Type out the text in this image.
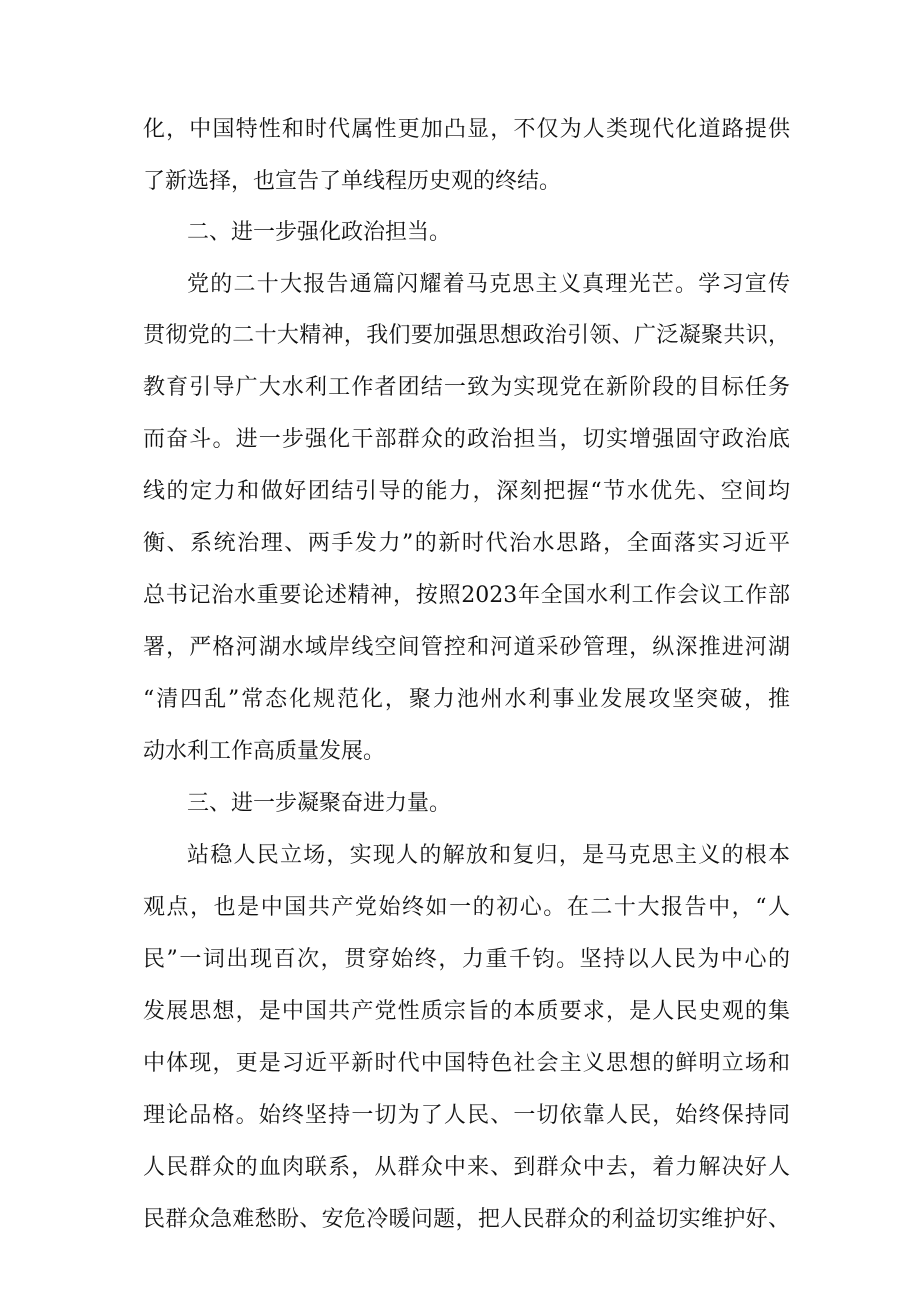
化，中国特性和时代属性更加凸显，不仅为人类现代化道路提供
了新选择，也宣告了单线程历史观的终结。
二、进一步强化政治担当。
党的二十大报告通篇闪耀着马克思主义真理光芒。学习宣传
贯彻党的二十大精神，我们要加强思想政治引领、广泛凝聚共识，
教育引导广大水利工作者团结一致为实现党在新阶段的目标任务
而奋斗。进一步强化干部群众的政治担当，切实增强固守政治底
线的定力和做好团结引导的能力，深刻把握“节水优先、空间均
衡、系统治理、两手发力”的新时代治水思路，全面落实习近平
总书记治水重要论述精神，按照2023年全国水利工作会议工作部
署，严格河湖水域岸线空间管控和河道采砂管理，纵深推进河湖
“清四乱”常态化规范化，聚力池州水利事业发展攻坚突破，推
动水利工作高质量发展。
三、进一步凝聚奋进力量。
站稳人民立场，实现人的解放和复归，是马克思主义的根本
观点，也是中国共产党始终如一的初心。在二十大报告中，“人
民”一词出现百次，贯穿始终，力重千钧。坚持以人民为中心的
发展思想，是中国共产党性质宗旨的本质要求，是人民史观的集
中体现，更是习近平新时代中国特色社会主义思想的鲜明立场和
理论品格。始终坚持一切为了人民、一切依靠人民，始终保持同
人民群众的血肉联系，从群众中来、到群众中去，着力解决好人
民群众急难愁盼、安危冷暖问题，把人民群众的利益切实维护好、
